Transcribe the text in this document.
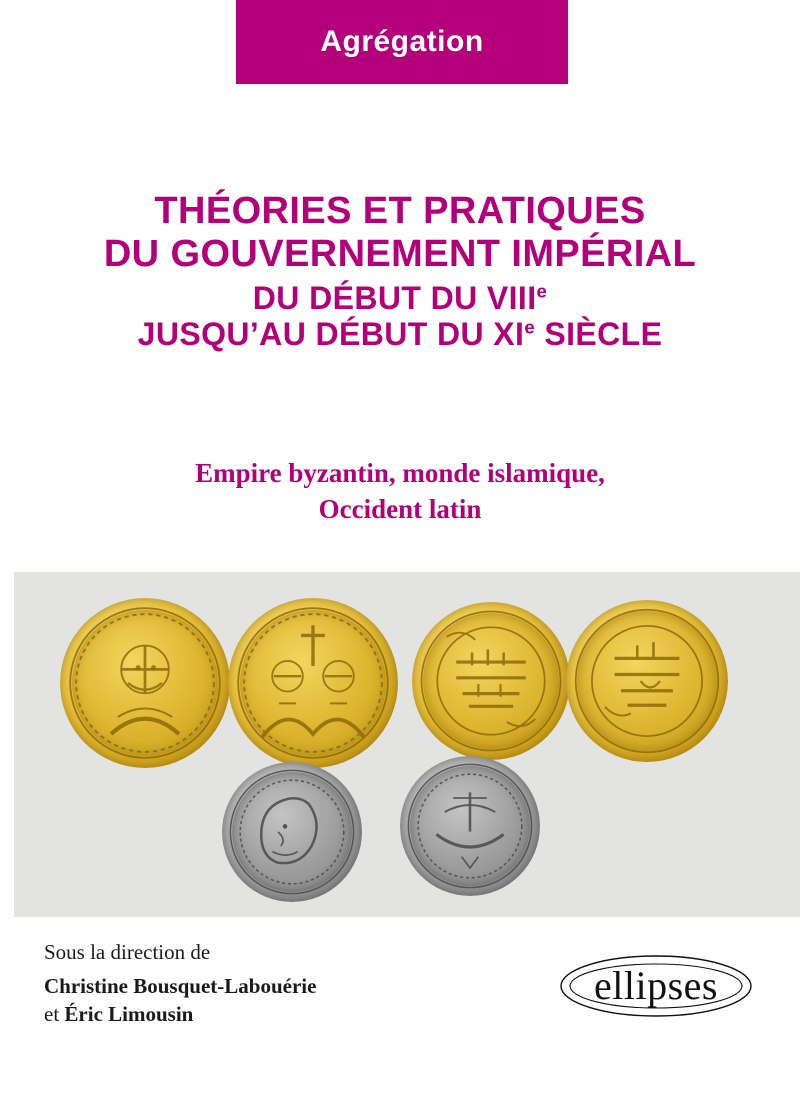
Agrégation
THÉORIES ET PRATIQUES
DU GOUVERNEMENT IMPÉRIAL
DU DÉBUT DU VIIIe
JUSQU’AU DÉBUT DU XIe SIÈCLE
Empire byzantin, monde islamique,
Occident latin
Sous la direction de
Christine Bousquet-Labouérie
et Éric Limousin
ellipses
